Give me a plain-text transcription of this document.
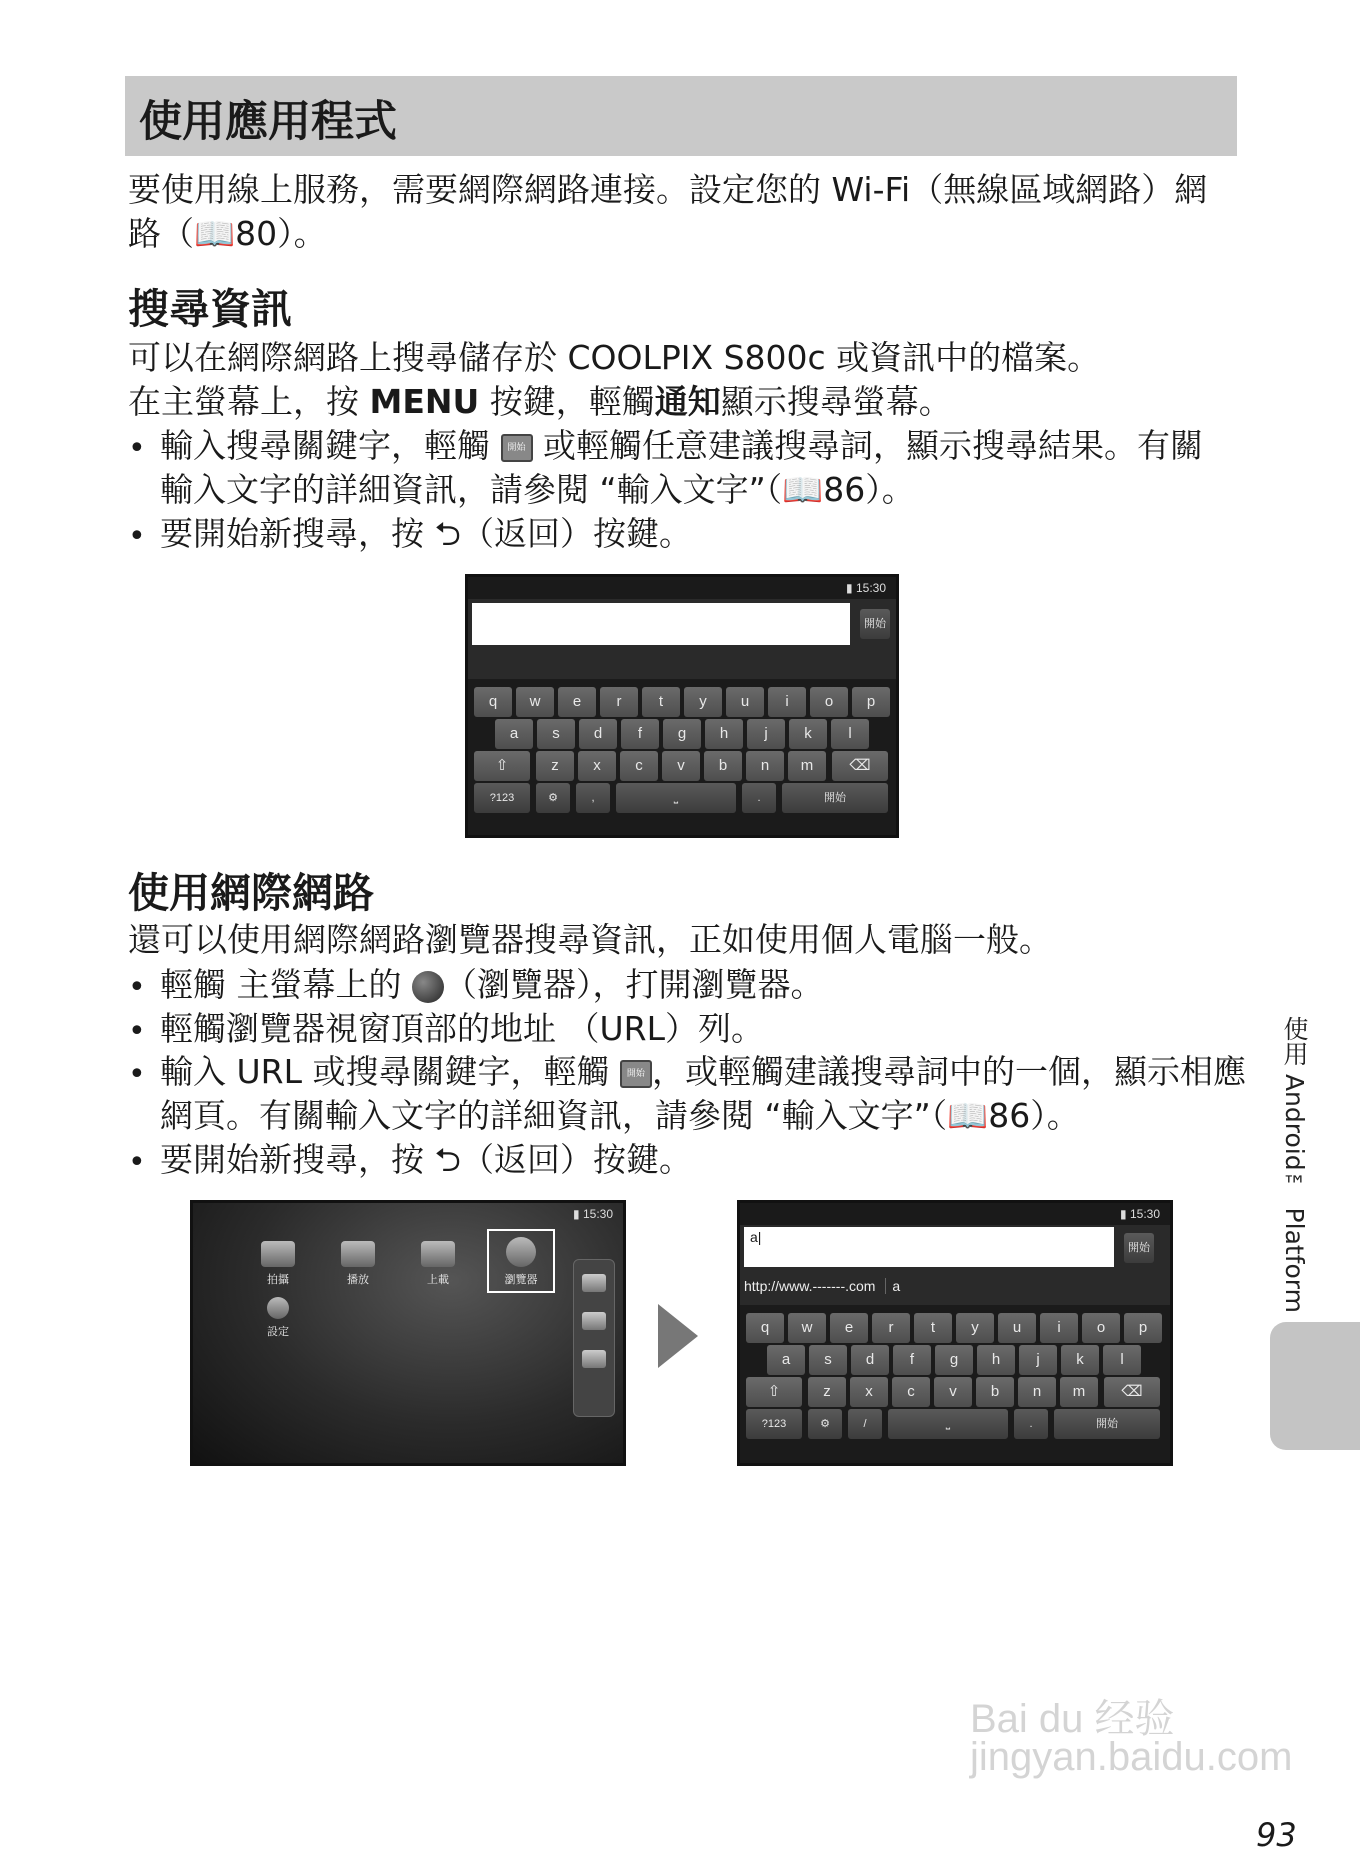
使用應用程式
要使用線上服務，需要網際網路連接。設定您的 Wi-Fi（無線區域網路）網
路（📖80）。
搜尋資訊
可以在網際網路上搜尋儲存於 COOLPIX S800c 或資訊中的檔案。
在主螢幕上，按 MENU 按鍵，輕觸通知顯示搜尋螢幕。
• 輸入搜尋關鍵字，輕觸 開始 或輕觸任意建議搜尋詞，顯示搜尋結果。有關
輸入文字的詳細資訊，請參閱 “輸入文字”（📖86）。
• 要開始新搜尋，按 ⮌（返回）按鍵。
▮ 15:30
開始
q	w	e	r	t	y	u	i	o	p
a	s	d	f	g	h	j	k	l
⇧	z	x	c	v	b	n	m	⌫
?123	⚙	,	⎵	.	開始
使用網際網路
還可以使用網際網路瀏覽器搜尋資訊，正如使用個人電腦一般。
• 輕觸 主螢幕上的 （瀏覽器），打開瀏覽器。
• 輕觸瀏覽器視窗頂部的地址 （URL）列。
• 輸入 URL 或搜尋關鍵字，輕觸 開始 ，或輕觸建議搜尋詞中的一個，顯示相應
網頁。有關輸入文字的詳細資訊，請參閱 “輸入文字”（📖86）。
• 要開始新搜尋，按 ⮌（返回）按鍵。
▮ 15:30
拍攝	播放	上載	瀏覽器
設定
▮ 15:30
a|
開始
http://www.-------.com a
q	w	e	r	t	y	u	i	o	p
a	s	d	f	g	h	j	k	l
⇧	z	x	c	v	b	n	m	⌫
?123	⚙	/	⎵	.	開始
使用 Android™ Platform
Bai du 经验 jingyan.baidu.com
93
